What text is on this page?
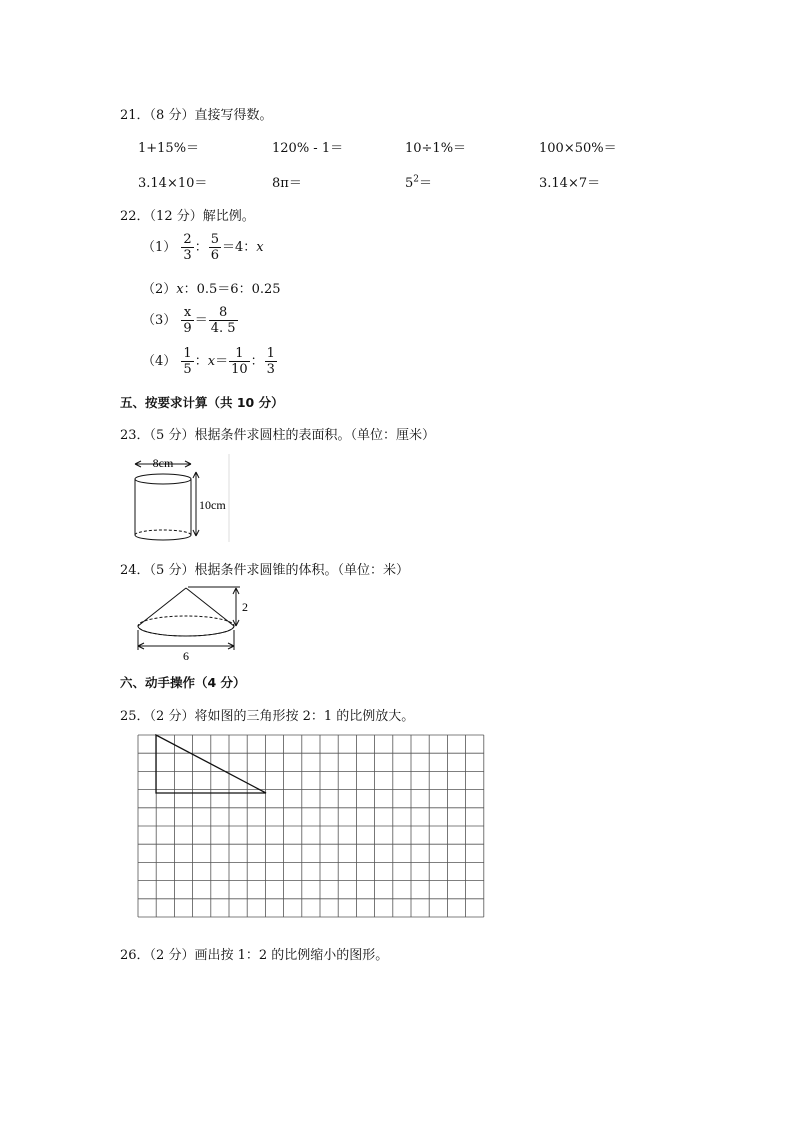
21．（8 分）直接写得数。
1+15%＝	120% - 1＝	10÷1%＝	100×50%＝
3.14×10＝	8π＝	$5^2=$	3.14×7＝
22．（12 分）解比例。
$(1) \frac{2}{3}$ ： $\frac{5}{6} =4$：x
（2）x：0.5＝6：0.25
$(3) \frac{x}{9} = \frac{8}{4. 5}$
$(4) \frac{1}{5}$ ：$x= \frac{1}{10}$ ： $\frac{1}{3}$
五、按要求计算（共 10 分）
23．（5 分）根据条件求圆柱的表面积。（单位：厘米）
8cm
10cm
24．（5 分）根据条件求圆锥的体积。（单位：米）
2
6
六、动手操作（4 分）
25．（2 分）将如图的三角形按 2：1 的比例放大。
26．（2 分）画出按 1：2 的比例缩小的图形。
